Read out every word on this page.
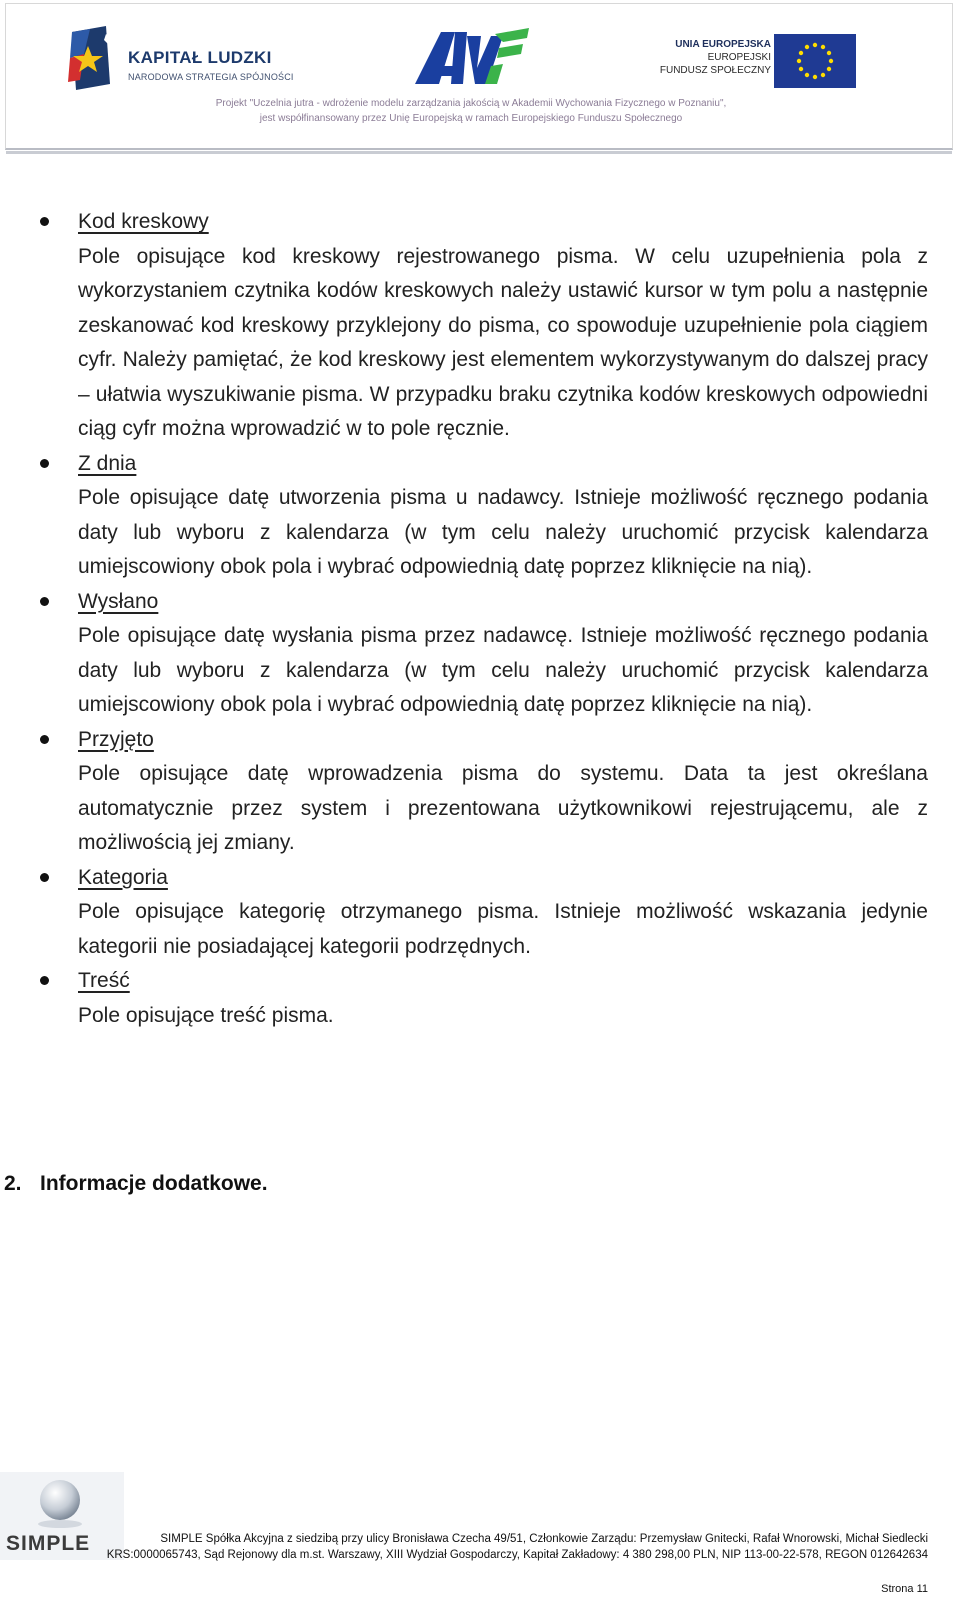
KAPITAŁ LUDZKI
NARODOWA STRATEGIA SPÓJNOŚCI
UNIA EUROPEJSKA
EUROPEJSKI
FUNDUSZ SPOŁECZNY
Projekt "Uczelnia jutra - wdrożenie modelu zarządzania jakością w Akademii Wychowania Fizycznego w Poznaniu",
jest współfinansowany przez Unię Europejską w ramach Europejskiego Funduszu Społecznego
Kod kreskowy
Pole opisujące kod kreskowy rejestrowanego pisma. W celu uzupełnienia pola z wykorzystaniem czytnika kodów kreskowych należy ustawić kursor w tym polu a następnie zeskanować kod kreskowy przyklejony do pisma, co spowoduje uzupełnienie pola ciągiem cyfr. Należy pamiętać, że kod kreskowy jest elementem wykorzystywanym do dalszej pracy – ułatwia wyszukiwanie pisma. W przypadku braku czytnika kodów kreskowych odpowiedni ciąg cyfr można wprowadzić w to pole ręcznie.
Z dnia
Pole opisujące datę utworzenia pisma u nadawcy. Istnieje możliwość ręcznego podania daty lub wyboru z kalendarza (w tym celu należy uruchomić przycisk kalendarza umiejscowiony obok pola i wybrać odpowiednią datę poprzez kliknięcie na nią).
Wysłano
Pole opisujące datę wysłania pisma przez nadawcę. Istnieje możliwość ręcznego podania daty lub wyboru z kalendarza (w tym celu należy uruchomić przycisk kalendarza umiejscowiony obok pola i wybrać odpowiednią datę poprzez kliknięcie na nią).
Przyjęto
Pole opisujące datę wprowadzenia pisma do systemu. Data ta jest określana automatycznie przez system i prezentowana użytkownikowi rejestrującemu, ale z możliwością jej zmiany.
Kategoria
Pole opisujące kategorię otrzymanego pisma. Istnieje możliwość wskazania jedynie kategorii nie posiadającej kategorii podrzędnych.
Treść
Pole opisujące treść pisma.
2. Informacje dodatkowe.
SIMPLE	SIMPLE Spółka Akcyjna z siedzibą przy ulicy Bronisława Czecha 49/51, Członkowie Zarządu: Przemysław Gnitecki, Rafał Wnorowski, Michał Siedlecki
KRS:0000065743, Sąd Rejonowy dla m.st. Warszawy, XIII Wydział Gospodarczy, Kapitał Zakładowy: 4 380 298,00 PLN, NIP 113-00-22-578, REGON 012642634
Strona 11
